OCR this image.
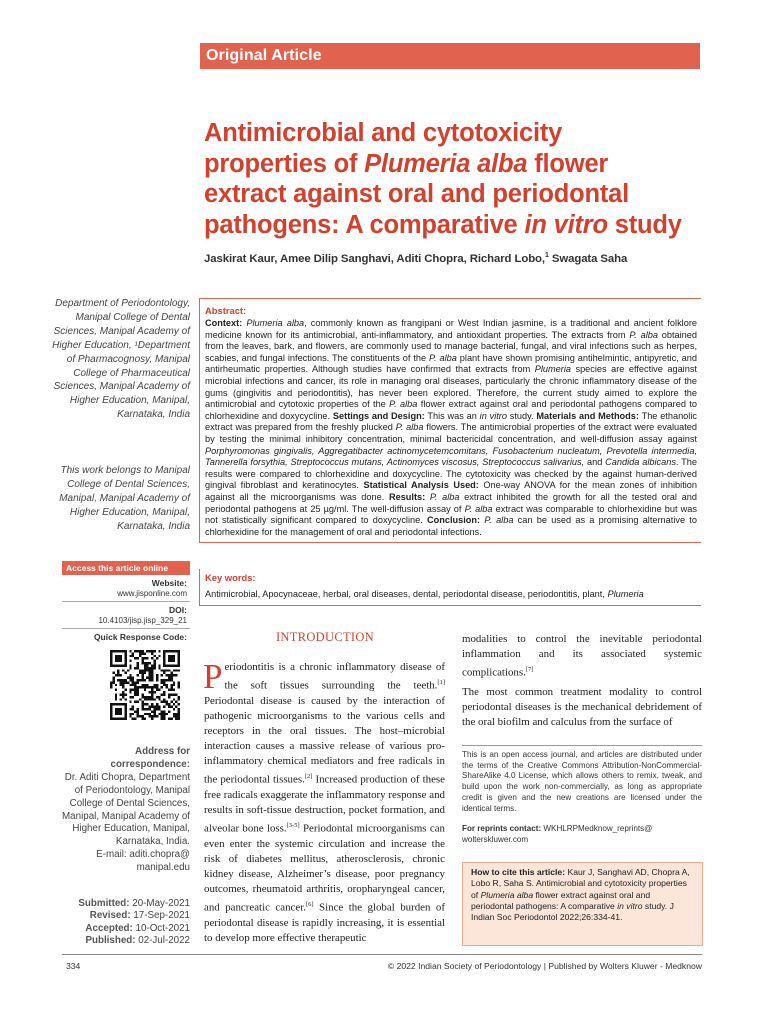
Original Article
Antimicrobial and cytotoxicity
properties of Plumeria alba flower
extract against oral and periodontal
pathogens: A comparative in vitro study
Jaskirat Kaur, Amee Dilip Sanghavi, Aditi Chopra, Richard Lobo,$^1$ Swagata Saha
Department of Periodontology, Manipal College of Dental Sciences, Manipal Academy of Higher Education, ¹Department of Pharmacognosy, Manipal College of Pharmaceutical Sciences, Manipal Academy of Higher Education, Manipal, Karnataka, India
This work belongs to Manipal College of Dental Sciences, Manipal, Manipal Academy of Higher Education, Manipal, Karnataka, India
Access this article online
Website:
www.jisponline.com
DOI:
10.4103/jisp.jisp_329_21
Quick Response Code:
Address for correspondence:
Dr. Aditi Chopra, Department of Periodontology, Manipal College of Dental Sciences, Manipal, Manipal Academy of Higher Education, Manipal, Karnataka, India.
E-mail: aditi.chopra@ manipal.edu
Submitted: 20-May-2021
Revised: 17-Sep-2021
Accepted: 10-Oct-2021
Published: 02-Jul-2022
Abstract:
Context: Plumeria alba, commonly known as frangipani or West Indian jasmine, is a traditional and ancient folklore medicine known for its antimicrobial, anti-inflammatory, and antioxidant properties. The extracts from P. alba obtained from the leaves, bark, and flowers, are commonly used to manage bacterial, fungal, and viral infections such as herpes, scabies, and fungal infections. The constituents of the P. alba plant have shown promising antihelmintic, antipyretic, and antirheumatic properties. Although studies have confirmed that extracts from Plumeria species are effective against microbial infections and cancer, its role in managing oral diseases, particularly the chronic inflammatory disease of the gums (gingivitis and periodontitis), has never been explored. Therefore, the current study aimed to explore the antimicrobial and cytotoxic properties of the P. alba flower extract against oral and periodontal pathogens compared to chlorhexidine and doxycycline. Settings and Design: This was an in vitro study. Materials and Methods: The ethanolic extract was prepared from the freshly plucked P. alba flowers. The antimicrobial properties of the extract were evaluated by testing the minimal inhibitory concentration, minimal bactericidal concentration, and well-diffusion assay against Porphyromonas gingivalis, Aggregatibacter actinomycetemcomitans, Fusobacterium nucleatum, Prevotella intermedia, Tannerella forsythia, Streptococcus mutans, Actinomyces viscosus, Streptococcus salivarius, and Candida albicans. The results were compared to chlorhexidine and doxycycline. The cytotoxicity was checked by the against human-derived gingival fibroblast and keratinocytes. Statistical Analysis Used: One-way ANOVA for the mean zones of inhibition against all the microorganisms was done. Results: P. alba extract inhibited the growth for all the tested oral and periodontal pathogens at 25 µg/ml. The well-diffusion assay of P. alba extract was comparable to chlorhexidine but was not statistically significant compared to doxycycline. Conclusion: P. alba can be used as a promising alternative to chlorhexidine for the management of oral and periodontal infections.
Key words:
Antimicrobial, Apocynaceae, herbal, oral diseases, dental, periodontal disease, periodontitis, plant, Plumeria
INTRODUCTION
Periodontitis is a chronic inflammatory disease of the soft tissues surrounding the teeth.[1] Periodontal disease is caused by the interaction of pathogenic microorganisms to the various cells and receptors in the oral tissues. The host–microbial interaction causes a massive release of various pro-inflammatory chemical mediators and free radicals in the periodontal tissues.[2] Increased production of these free radicals exaggerate the inflammatory response and results in soft-tissue destruction, pocket formation, and alveolar bone loss.[3-5] Periodontal microorganisms can even enter the systemic circulation and increase the risk of diabetes mellitus, atherosclerosis, chronic kidney disease, Alzheimer’s disease, poor pregnancy outcomes, rheumatoid arthritis, oropharyngeal cancer, and pancreatic cancer.[6] Since the global burden of periodontal disease is rapidly increasing, it is essential to develop more effective therapeutic
modalities to control the inevitable periodontal inflammation and its associated systemic complications.[7]
The most common treatment modality to control periodontal diseases is the mechanical debridement of the oral biofilm and calculus from the surface of
This is an open access journal, and articles are distributed under the terms of the Creative Commons Attribution-NonCommercial-ShareAlike 4.0 License, which allows others to remix, tweak, and build upon the work non-commercially, as long as appropriate credit is given and the new creations are licensed under the identical terms.
For reprints contact: WKHLRPMedknow_reprints@ wolterskluwer.com
How to cite this article: Kaur J, Sanghavi AD, Chopra A, Lobo R, Saha S. Antimicrobial and cytotoxicity properties of Plumeria alba flower extract against oral and periodontal pathogens: A comparative in vitro study. J Indian Soc Periodontol 2022;26:334-41.
334	© 2022 Indian Society of Periodontology | Published by Wolters Kluwer - Medknow
